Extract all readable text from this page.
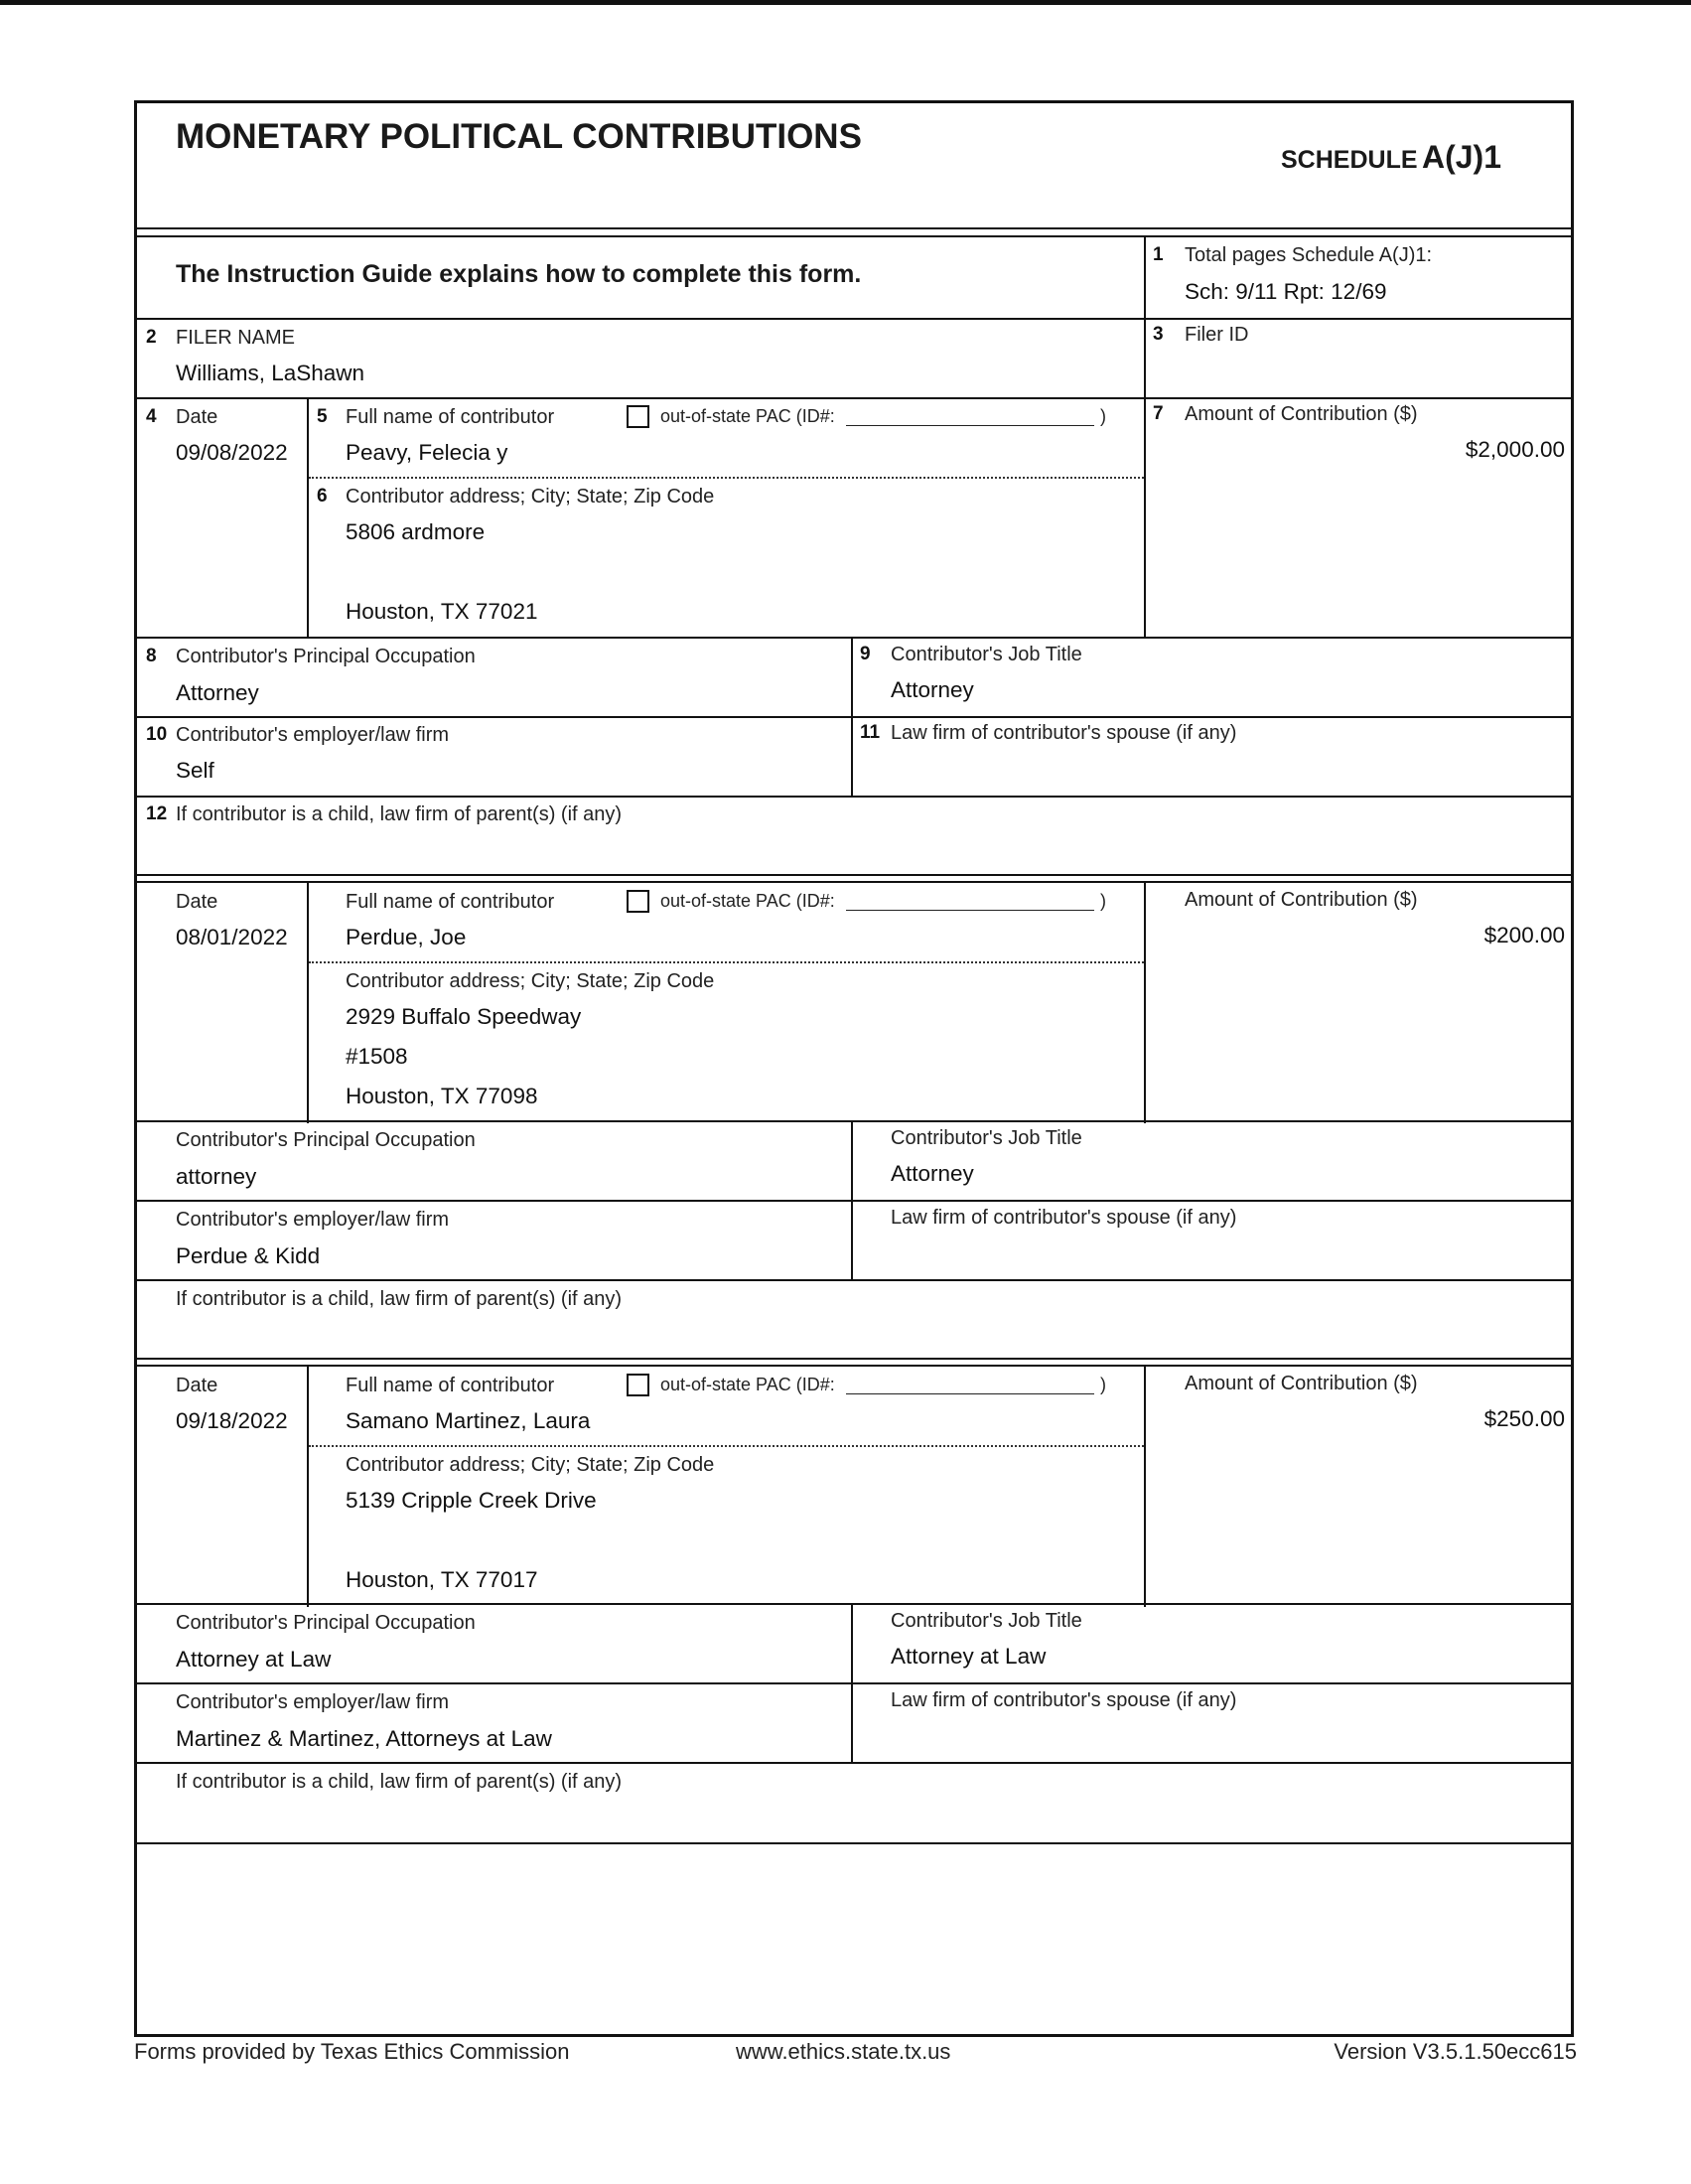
MONETARY POLITICAL CONTRIBUTIONS
SCHEDULE A(J)1
The Instruction Guide explains how to complete this form.
1 Total pages Schedule A(J)1:
Sch: 9/11 Rpt: 12/69
2 FILER NAME
Williams, LaShawn
3 Filer ID
4 Date
09/08/2022
5 Full name of contributor	out-of-state PAC (ID#:	)
Peavy, Felecia y
6 Contributor address; City; State; Zip Code
5806 ardmore
Houston, TX 77021
7 Amount of Contribution ($)
$2,000.00
8 Contributor's Principal Occupation
Attorney
9 Contributor's Job Title
Attorney
10 Contributor's employer/law firm
Self
11 Law firm of contributor's spouse (if any)
12 If contributor is a child, law firm of parent(s) (if any)
Date
08/01/2022
Full name of contributor	out-of-state PAC (ID#:	)
Perdue, Joe
Contributor address; City; State; Zip Code
2929 Buffalo Speedway
#1508
Houston, TX 77098
Amount of Contribution ($)
$200.00
Contributor's Principal Occupation
attorney
Contributor's Job Title
Attorney
Contributor's employer/law firm
Perdue & Kidd
Law firm of contributor's spouse (if any)
If contributor is a child, law firm of parent(s) (if any)
Date
09/18/2022
Full name of contributor	out-of-state PAC (ID#:	)
Samano Martinez, Laura
Contributor address; City; State; Zip Code
5139 Cripple Creek Drive
Houston, TX 77017
Amount of Contribution ($)
$250.00
Contributor's Principal Occupation
Attorney at Law
Contributor's Job Title
Attorney at Law
Contributor's employer/law firm
Martinez & Martinez, Attorneys at Law
Law firm of contributor's spouse (if any)
If contributor is a child, law firm of parent(s) (if any)
Forms provided by Texas Ethics Commission	www.ethics.state.tx.us	Version V3.5.1.50ecc615
